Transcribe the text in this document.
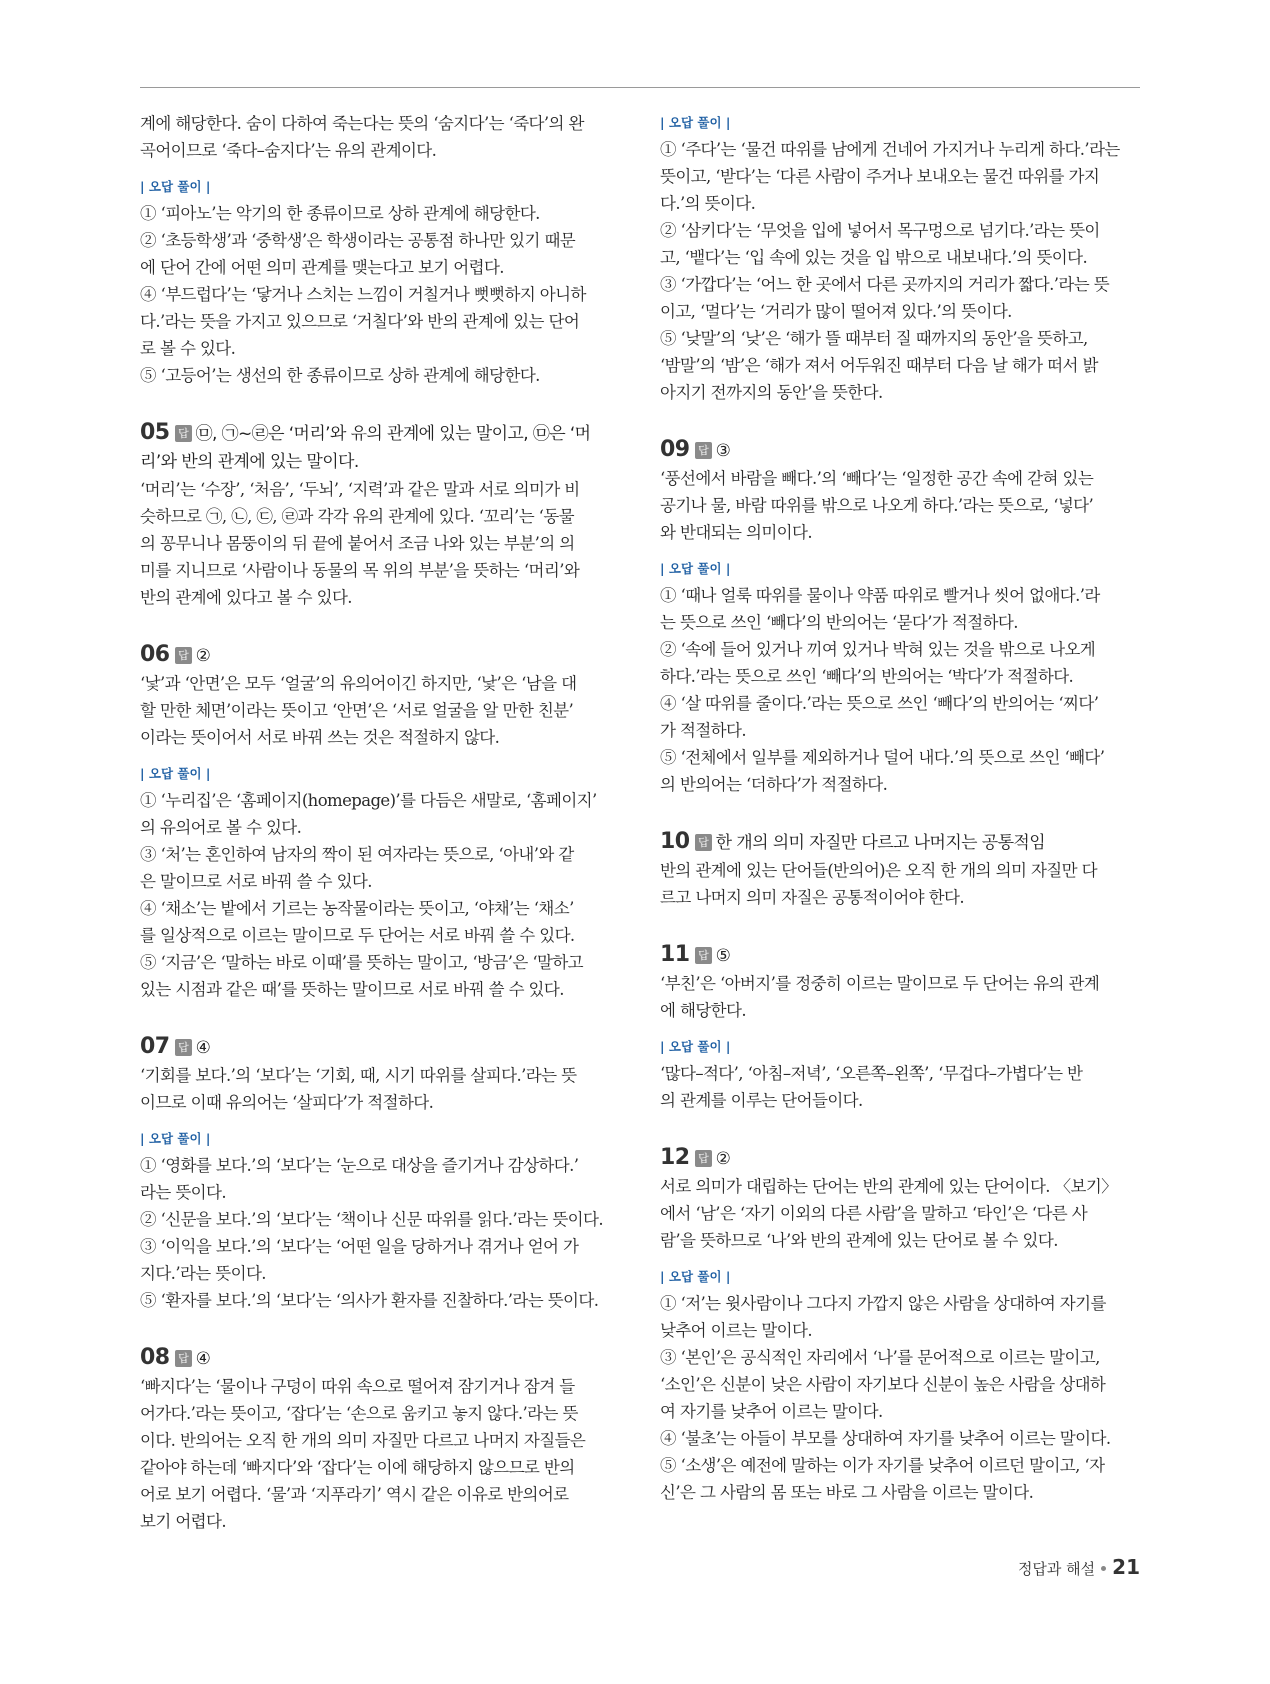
계에 해당한다. 숨이 다하여 죽는다는 뜻의 ‘숨지다’는 ‘죽다’의 완

곡어이므로 ‘죽다–숨지다’는 유의 관계이다.

| 오답 풀이 |

① ‘피아노’는 악기의 한 종류이므로 상하 관계에 해당한다.

② ‘초등학생’과 ‘중학생’은 학생이라는 공통점 하나만 있기 때문

에 단어 간에 어떤 의미 관계를 맺는다고 보기 어렵다.

④ ‘부드럽다’는 ‘닿거나 스치는 느낌이 거칠거나 뻣뻣하지 아니하

다.’라는 뜻을 가지고 있으므로 ‘거칠다’와 반의 관계에 있는 단어

로 볼 수 있다.

⑤ ‘고등어’는 생선의 한 종류이므로 상하 관계에 해당한다.

05 답 ㉤, ㉠~㉣은 ‘머리’와 유의 관계에 있는 말이고, ㉤은 ‘머
리’와 반의 관계에 있는 말이다.

‘머리’는 ‘수장’, ‘처음’, ‘두뇌’, ‘지력’과 같은 말과 서로 의미가 비

슷하므로 ㉠, ㉡, ㉢, ㉣과 각각 유의 관계에 있다. ‘꼬리’는 ‘동물

의 꽁무니나 몸뚱이의 뒤 끝에 붙어서 조금 나와 있는 부분’의 의

미를 지니므로 ‘사람이나 동물의 목 위의 부분’을 뜻하는 ‘머리’와

반의 관계에 있다고 볼 수 있다.

06 답 ②

‘낯’과 ‘안면’은 모두 ‘얼굴’의 유의어이긴 하지만, ‘낯’은 ‘남을 대

할 만한 체면’이라는 뜻이고 ‘안면’은 ‘서로 얼굴을 알 만한 친분’

이라는 뜻이어서 서로 바꿔 쓰는 것은 적절하지 않다.

| 오답 풀이 |

① ‘누리집’은 ‘홈페이지(homepage)’를 다듬은 새말로, ‘홈페이지’

의 유의어로 볼 수 있다.

③ ‘처’는 혼인하여 남자의 짝이 된 여자라는 뜻으로, ‘아내’와 같

은 말이므로 서로 바꿔 쓸 수 있다.

④ ‘채소’는 밭에서 기르는 농작물이라는 뜻이고, ‘야채’는 ‘채소’

를 일상적으로 이르는 말이므로 두 단어는 서로 바꿔 쓸 수 있다.

⑤ ‘지금’은 ‘말하는 바로 이때’를 뜻하는 말이고, ‘방금’은 ‘말하고

있는 시점과 같은 때’를 뜻하는 말이므로 서로 바꿔 쓸 수 있다.

07 답 ④

‘기회를 보다.’의 ‘보다’는 ‘기회, 때, 시기 따위를 살피다.’라는 뜻

이므로 이때 유의어는 ‘살피다’가 적절하다.

| 오답 풀이 |

① ‘영화를 보다.’의 ‘보다’는 ‘눈으로 대상을 즐기거나 감상하다.’

라는 뜻이다.

② ‘신문을 보다.’의 ‘보다’는 ‘책이나 신문 따위를 읽다.’라는 뜻이다.

③ ‘이익을 보다.’의 ‘보다’는 ‘어떤 일을 당하거나 겪거나 얻어 가

지다.’라는 뜻이다.

⑤ ‘환자를 보다.’의 ‘보다’는 ‘의사가 환자를 진찰하다.’라는 뜻이다.

08 답 ④

‘빠지다’는 ‘물이나 구덩이 따위 속으로 떨어져 잠기거나 잠겨 들

어가다.’라는 뜻이고, ‘잡다’는 ‘손으로 움키고 놓지 않다.’라는 뜻

이다. 반의어는 오직 한 개의 의미 자질만 다르고 나머지 자질들은

같아야 하는데 ‘빠지다’와 ‘잡다’는 이에 해당하지 않으므로 반의

어로 보기 어렵다. ‘물’과 ‘지푸라기’ 역시 같은 이유로 반의어로

보기 어렵다.

| 오답 풀이 |

① ‘주다’는 ‘물건 따위를 남에게 건네어 가지거나 누리게 하다.’라는

뜻이고, ‘받다’는 ‘다른 사람이 주거나 보내오는 물건 따위를 가지

다.’의 뜻이다.

② ‘삼키다’는 ‘무엇을 입에 넣어서 목구멍으로 넘기다.’라는 뜻이

고, ‘뱉다’는 ‘입 속에 있는 것을 입 밖으로 내보내다.’의 뜻이다.

③ ‘가깝다’는 ‘어느 한 곳에서 다른 곳까지의 거리가 짧다.’라는 뜻

이고, ‘멀다’는 ‘거리가 많이 떨어져 있다.’의 뜻이다.

⑤ ‘낮말’의 ‘낮’은 ‘해가 뜰 때부터 질 때까지의 동안’을 뜻하고,

‘밤말’의 ‘밤’은 ‘해가 져서 어두워진 때부터 다음 날 해가 떠서 밝

아지기 전까지의 동안’을 뜻한다.

09 답 ③

‘풍선에서 바람을 빼다.’의 ‘빼다’는 ‘일정한 공간 속에 갇혀 있는

공기나 물, 바람 따위를 밖으로 나오게 하다.’라는 뜻으로, ‘넣다’

와 반대되는 의미이다.

| 오답 풀이 |

① ‘때나 얼룩 따위를 물이나 약품 따위로 빨거나 씻어 없애다.’라

는 뜻으로 쓰인 ‘빼다’의 반의어는 ‘묻다’가 적절하다.

② ‘속에 들어 있거나 끼여 있거나 박혀 있는 것을 밖으로 나오게

하다.’라는 뜻으로 쓰인 ‘빼다’의 반의어는 ‘박다’가 적절하다.

④ ‘살 따위를 줄이다.’라는 뜻으로 쓰인 ‘빼다’의 반의어는 ‘찌다’

가 적절하다.

⑤ ‘전체에서 일부를 제외하거나 덜어 내다.’의 뜻으로 쓰인 ‘빼다’

의 반의어는 ‘더하다’가 적절하다.

10 답 한 개의 의미 자질만 다르고 나머지는 공통적임

반의 관계에 있는 단어들(반의어)은 오직 한 개의 의미 자질만 다

르고 나머지 의미 자질은 공통적이어야 한다.

11 답 ⑤

‘부친’은 ‘아버지’를 정중히 이르는 말이므로 두 단어는 유의 관계

에 해당한다.

| 오답 풀이 |

‘많다–적다’, ‘아침–저녁’, ‘오른쪽–왼쪽’, ‘무겁다–가볍다’는 반

의 관계를 이루는 단어들이다.

12 답 ②

서로 의미가 대립하는 단어는 반의 관계에 있는 단어이다. 〈보기〉

에서 ‘남’은 ‘자기 이외의 다른 사람’을 말하고 ‘타인’은 ‘다른 사

람’을 뜻하므로 ‘나’와 반의 관계에 있는 단어로 볼 수 있다.

| 오답 풀이 |

① ‘저’는 윗사람이나 그다지 가깝지 않은 사람을 상대하여 자기를

낮추어 이르는 말이다.

③ ‘본인’은 공식적인 자리에서 ‘나’를 문어적으로 이르는 말이고,

‘소인’은 신분이 낮은 사람이 자기보다 신분이 높은 사람을 상대하

여 자기를 낮추어 이르는 말이다.

④ ‘불초’는 아들이 부모를 상대하여 자기를 낮추어 이르는 말이다.

⑤ ‘소생’은 예전에 말하는 이가 자기를 낮추어 이르던 말이고, ‘자

신’은 그 사람의 몸 또는 바로 그 사람을 이르는 말이다.

정답과 해설 21
